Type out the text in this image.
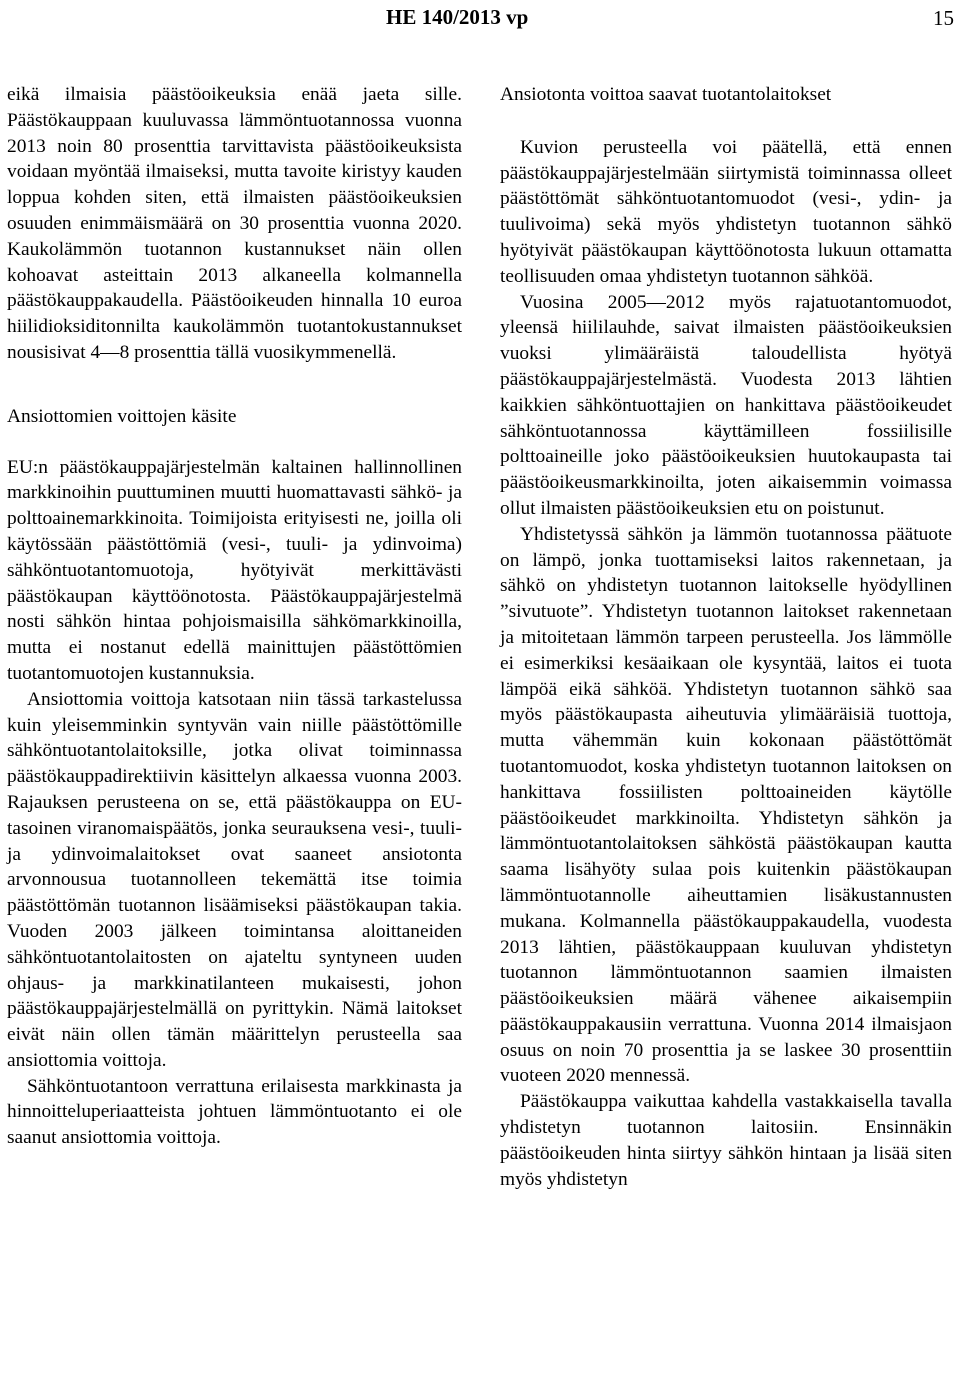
HE 140/2013 vp	15

eikä ilmaisia päästöoikeuksia enää jaeta sille. Päästökauppaan kuuluvassa lämmöntuotannossa vuonna 2013 noin 80 prosenttia tarvittavista päästöoikeuksista voidaan myöntää ilmaiseksi, mutta tavoite kiristyy kauden loppua kohden siten, että ilmaisten päästöoikeuksien osuuden enimmäismäärä on 30 prosenttia vuonna 2020. Kaukolämmön tuotannon kustannukset näin ollen kohoavat asteittain 2013 alkaneella kolmannella päästökauppakaudella. Päästöoikeuden hinnalla 10 euroa hiilidioksiditonnilta kaukolämmön tuotantokustannukset nousisivat 4—8 prosenttia tällä vuosikymmenellä.

Ansiottomien voittojen käsite

EU:n päästökauppajärjestelmän kaltainen hallinnollinen markkinoihin puuttuminen muutti huomattavasti sähkö- ja polttoainemarkkinoita. Toimijoista erityisesti ne, joilla oli käytössään päästöttömiä (vesi-, tuuli- ja ydinvoima) sähköntuotantomuotoja, hyötyivät merkittävästi päästökaupan käyttöönotosta. Päästökauppajärjestelmä nosti sähkön hintaa pohjoismaisilla sähkömarkkinoilla, mutta ei nostanut edellä mainittujen päästöttömien tuotantomuotojen kustannuksia.

Ansiottomia voittoja katsotaan niin tässä tarkastelussa kuin yleisemminkin syntyvän vain niille päästöttömille sähköntuotantolaitoksille, jotka olivat toiminnassa päästökauppadirektiivin käsittelyn alkaessa vuonna 2003. Rajauksen perusteena on se, että päästökauppa on EU-tasoinen viranomaispäätös, jonka seurauksena vesi-, tuuli- ja ydinvoimalaitokset ovat saaneet ansiotonta arvonnousua tuotannolleen tekemättä itse toimia päästöttömän tuotannon lisäämiseksi päästökaupan takia. Vuoden 2003 jälkeen toimintansa aloittaneiden sähköntuotantolaitosten on ajateltu syntyneen uuden ohjaus- ja markkinatilanteen mukaisesti, johon päästökauppajärjestelmällä on pyrittykin. Nämä laitokset eivät näin ollen tämän määrittelyn perusteella saa ansiottomia voittoja.

Sähköntuotantoon verrattuna erilaisesta markkinasta ja hinnoitteluperiaatteista johtuen lämmöntuotanto ei ole saanut ansiottomia voittoja.

Ansiotonta voittoa saavat tuotantolaitokset

Kuvion perusteella voi päätellä, että ennen päästökauppajärjestelmään siirtymistä toiminnassa olleet päästöttömät sähköntuotantomuodot (vesi-, ydin- ja tuulivoima) sekä myös yhdistetyn tuotannon sähkö hyötyivät päästökaupan käyttöönotosta lukuun ottamatta teollisuuden omaa yhdistetyn tuotannon sähköä.

Vuosina 2005—2012 myös rajatuotantomuodot, yleensä hiililauhde, saivat ilmaisten päästöoikeuksien vuoksi ylimääräistä taloudellista hyötyä päästökauppajärjestelmästä. Vuodesta 2013 lähtien kaikkien sähköntuottajien on hankittava päästöoikeudet sähköntuotannossa käyttämilleen fossiilisille polttoaineille joko päästöoikeuksien huutokaupasta tai päästöoikeusmarkkinoilta, joten aikaisemmin voimassa ollut ilmaisten päästöoikeuksien etu on poistunut.

Yhdistetyssä sähkön ja lämmön tuotannossa päätuote on lämpö, jonka tuottamiseksi laitos rakennetaan, ja sähkö on yhdistetyn tuotannon laitokselle hyödyllinen ”sivutuote”. Yhdistetyn tuotannon laitokset rakennetaan ja mitoitetaan lämmön tarpeen perusteella. Jos lämmölle ei esimerkiksi kesäaikaan ole kysyntää, laitos ei tuota lämpöä eikä sähköä. Yhdistetyn tuotannon sähkö saa myös päästökaupasta aiheutuvia ylimääräisiä tuottoja, mutta vähemmän kuin kokonaan päästöttömät tuotantomuodot, koska yhdistetyn tuotannon laitoksen on hankittava fossiilisten polttoaineiden käytölle päästöoikeudet markkinoilta. Yhdistetyn sähkön ja lämmöntuotantolaitoksen sähköstä päästökaupan kautta saama lisähyöty sulaa pois kuitenkin päästökaupan lämmöntuotannolle aiheuttamien lisäkustannusten mukana. Kolmannella päästökauppakaudella, vuodesta 2013 lähtien, päästökauppaan kuuluvan yhdistetyn tuotannon lämmöntuotannon saamien ilmaisten päästöoikeuksien määrä vähenee aikaisempiin päästökauppakausiin verrattuna. Vuonna 2014 ilmaisjaon osuus on noin 70 prosenttia ja se laskee 30 prosenttiin vuoteen 2020 mennessä.

Päästökauppa vaikuttaa kahdella vastakkaisella tavalla yhdistetyn tuotannon laitosiin. Ensinnäkin päästöoikeuden hinta siirtyy sähkön hintaan ja lisää siten myös yhdistetyn
